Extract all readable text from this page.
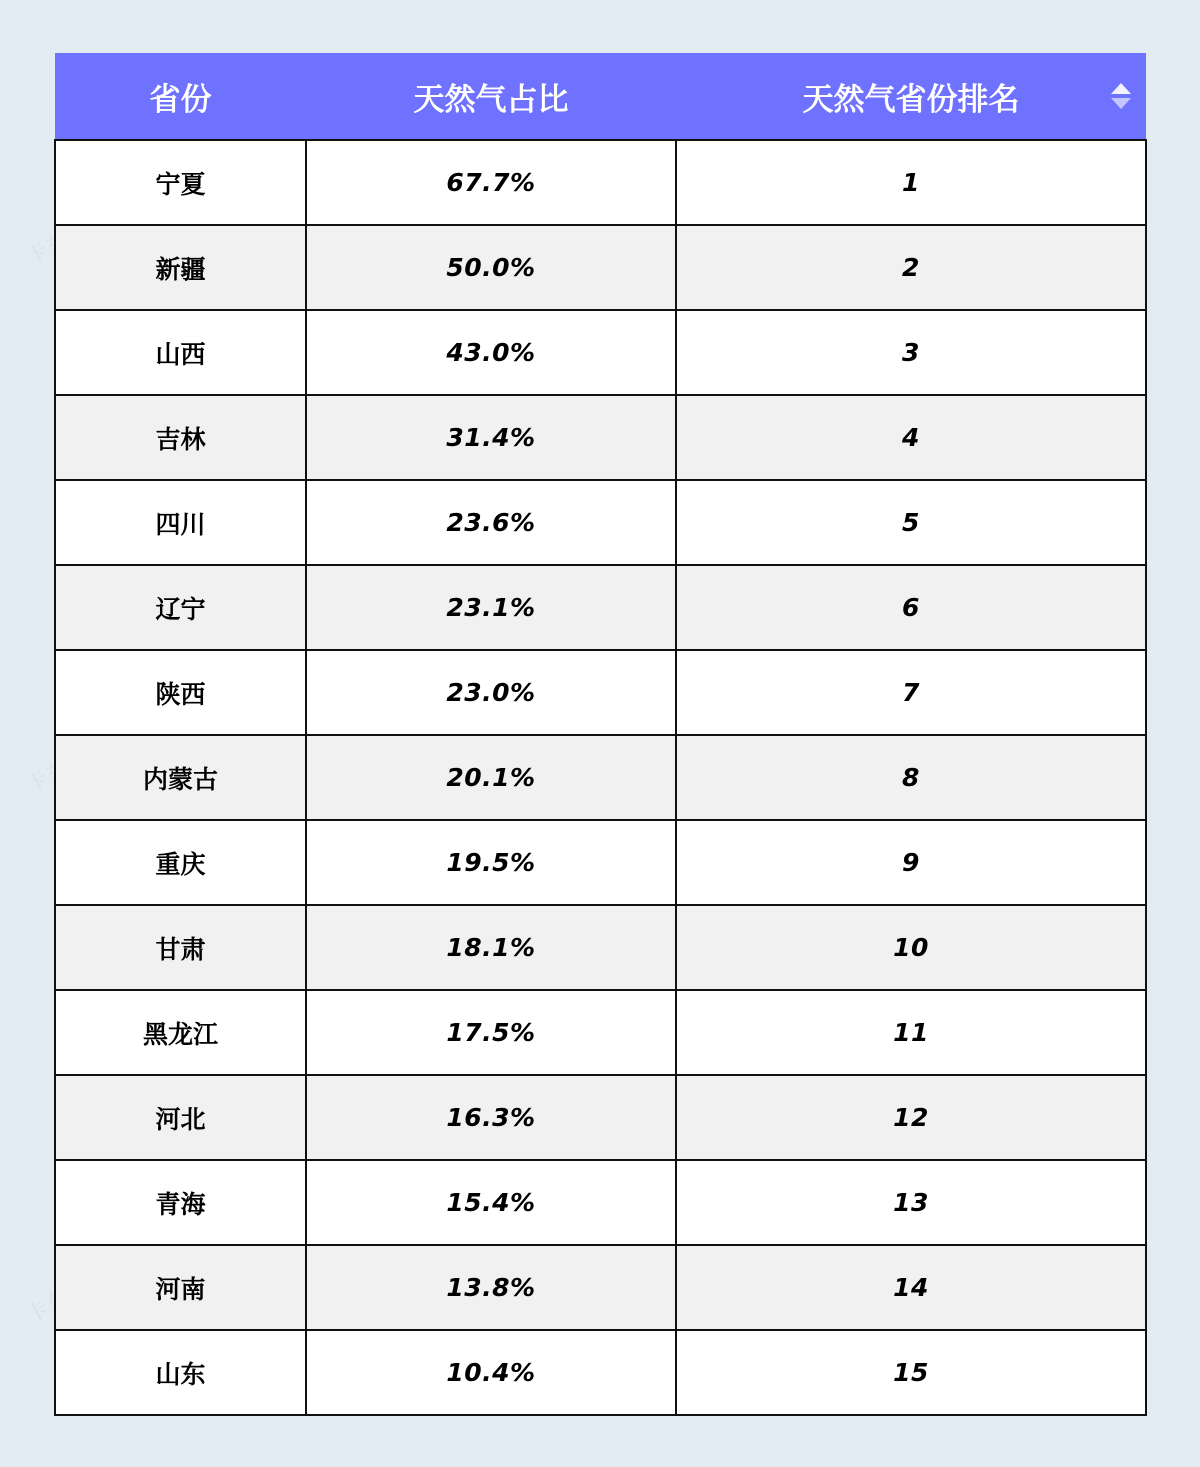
省份	天然气占比	天然气省份排名

宁夏	67.7%	1
新疆	50.0%	2
山西	43.0%	3
吉林	31.4%	4
四川	23.6%	5
辽宁	23.1%	6
陕西	23.0%	7
内蒙古	20.1%	8
重庆	19.5%	9
甘肃	18.1%	10
黑龙江	17.5%	11
河北	16.3%	12
青海	15.4%	13
河南	13.8%	14
山东	10.4%	15
